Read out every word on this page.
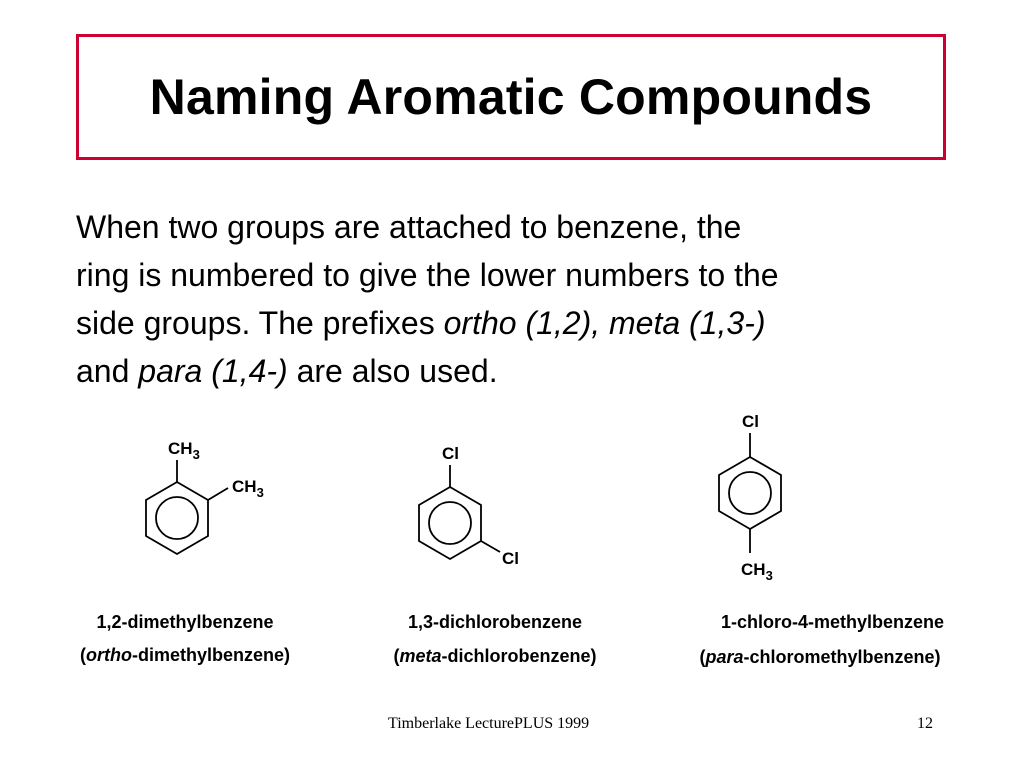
Naming Aromatic Compounds

When two groups are attached to benzene, the

ring is numbered to give the lower numbers to the

side groups. The prefixes ortho (1,2), meta (1,3-)

and para (1,4-) are also used.

$CH_3$
$CH_3$
Cl
Cl
Cl
$CH_3$

1,2-dimethylbenzene

(ortho-dimethylbenzene)

1,3-dichlorobenzene

(meta-dichlorobenzene)

1-chloro-4-methylbenzene

(para-chloromethylbenzene)

Timberlake LecturePLUS 1999	12
